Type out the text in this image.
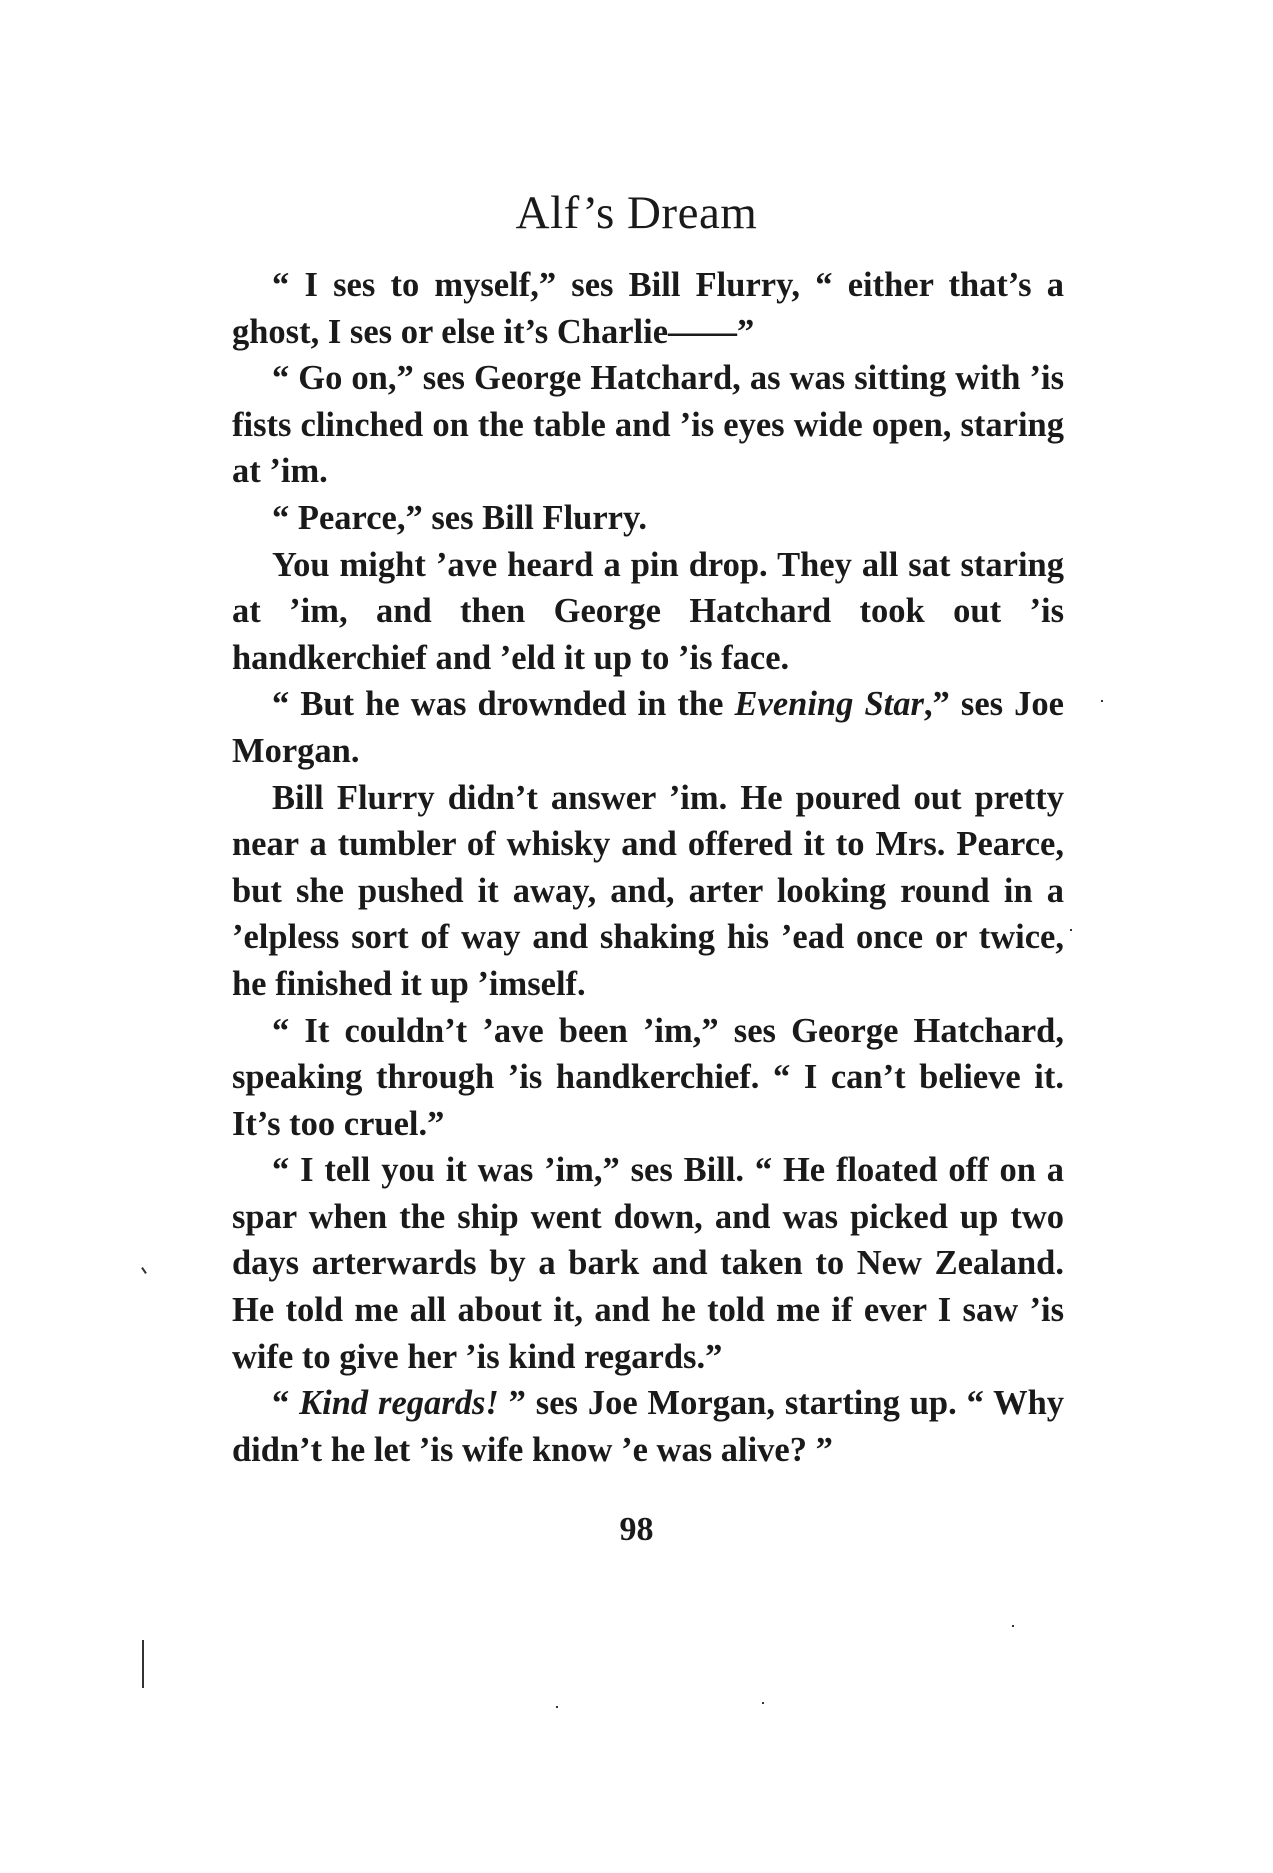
Alf’s Dream

“ I ses to myself,” ses Bill Flurry, “ either that’s a ghost, I ses or else it’s Charlie——”

“ Go on,” ses George Hatchard, as was sitting with ’is fists clinched on the table and ’is eyes wide open, staring at ’im.

“ Pearce,” ses Bill Flurry.

You might ’ave heard a pin drop. They all sat staring at ’im, and then George Hatchard took out ’is handkerchief and ’eld it up to ’is face.

“ But he was drownded in the Evening Star,” ses Joe Morgan.

Bill Flurry didn’t answer ’im. He poured out pretty near a tumbler of whisky and offered it to Mrs. Pearce, but she pushed it away, and, arter looking round in a ’elpless sort of way and shaking his ’ead once or twice, he finished it up ’imself.

“ It couldn’t ’ave been ’im,” ses George Hatchard, speaking through ’is handkerchief. “ I can’t believe it. It’s too cruel.”

“ I tell you it was ’im,” ses Bill. “ He floated off on a spar when the ship went down, and was picked up two days arterwards by a bark and taken to New Zealand. He told me all about it, and he told me if ever I saw ’is wife to give her ’is kind regards.”

“ Kind regards! ” ses Joe Morgan, starting up. “ Why didn’t he let ’is wife know ’e was alive? ”

98
